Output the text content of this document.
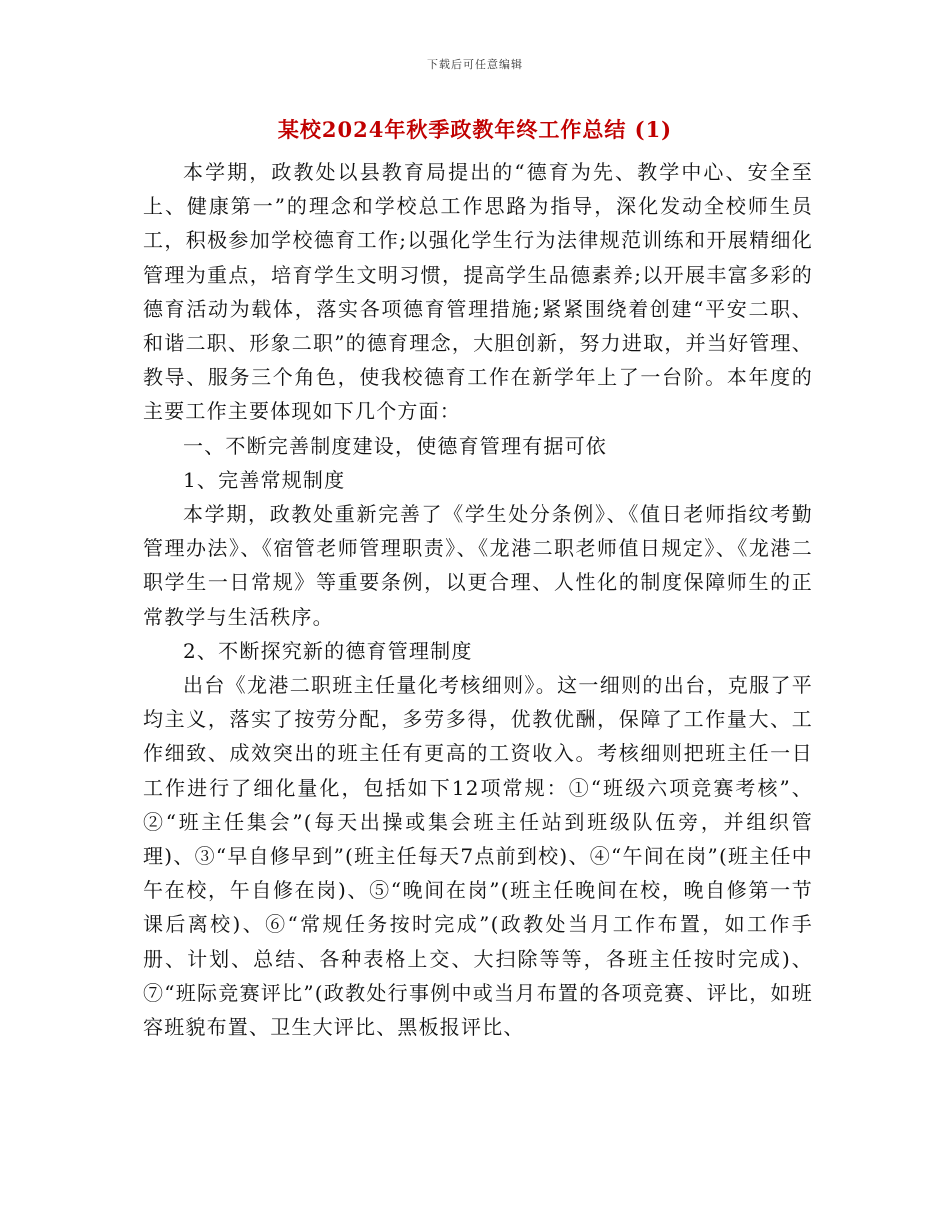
下载后可任意编辑
某校2024年秋季政教年终工作总结 (1)

本学期，政教处以县教育局提出的“德育为先、教学中心、安全至上、健康第一”的理念和学校总工作思路为指导，深化发动全校师生员工，积极参加学校德育工作;以强化学生行为法律规范训练和开展精细化管理为重点，培育学生文明习惯，提高学生品德素养;以开展丰富多彩的德育活动为载体，落实各项德育管理措施;紧紧围绕着创建“平安二职、和谐二职、形象二职”的德育理念，大胆创新，努力进取，并当好管理、教导、服务三个角色，使我校德育工作在新学年上了一台阶。本年度的主要工作主要体现如下几个方面：

一、不断完善制度建设，使德育管理有据可依

1、完善常规制度

本学期，政教处重新完善了《学生处分条例》、《值日老师指纹考勤管理办法》、《宿管老师管理职责》、《龙港二职老师值日规定》、《龙港二职学生一日常规》等重要条例，以更合理、人性化的制度保障师生的正常教学与生活秩序。

2、不断探究新的德育管理制度

出台《龙港二职班主任量化考核细则》。这一细则的出台，克服了平均主义，落实了按劳分配，多劳多得，优教优酬，保障了工作量大、工作细致、成效突出的班主任有更高的工资收入。考核细则把班主任一日工作进行了细化量化，包括如下12项常规：①“班级六项竞赛考核”、②“班主任集会”(每天出操或集会班主任站到班级队伍旁，并组织管理)、③“早自修早到”(班主任每天7点前到校)、④“午间在岗”(班主任中午在校，午自修在岗)、⑤“晚间在岗”(班主任晚间在校，晚自修第一节课后离校)、⑥“常规任务按时完成”(政教处当月工作布置，如工作手册、计划、总结、各种表格上交、大扫除等等，各班主任按时完成)、⑦“班际竞赛评比”(政教处行事例中或当月布置的各项竞赛、评比，如班容班貌布置、卫生大评比、黑板报评比、
